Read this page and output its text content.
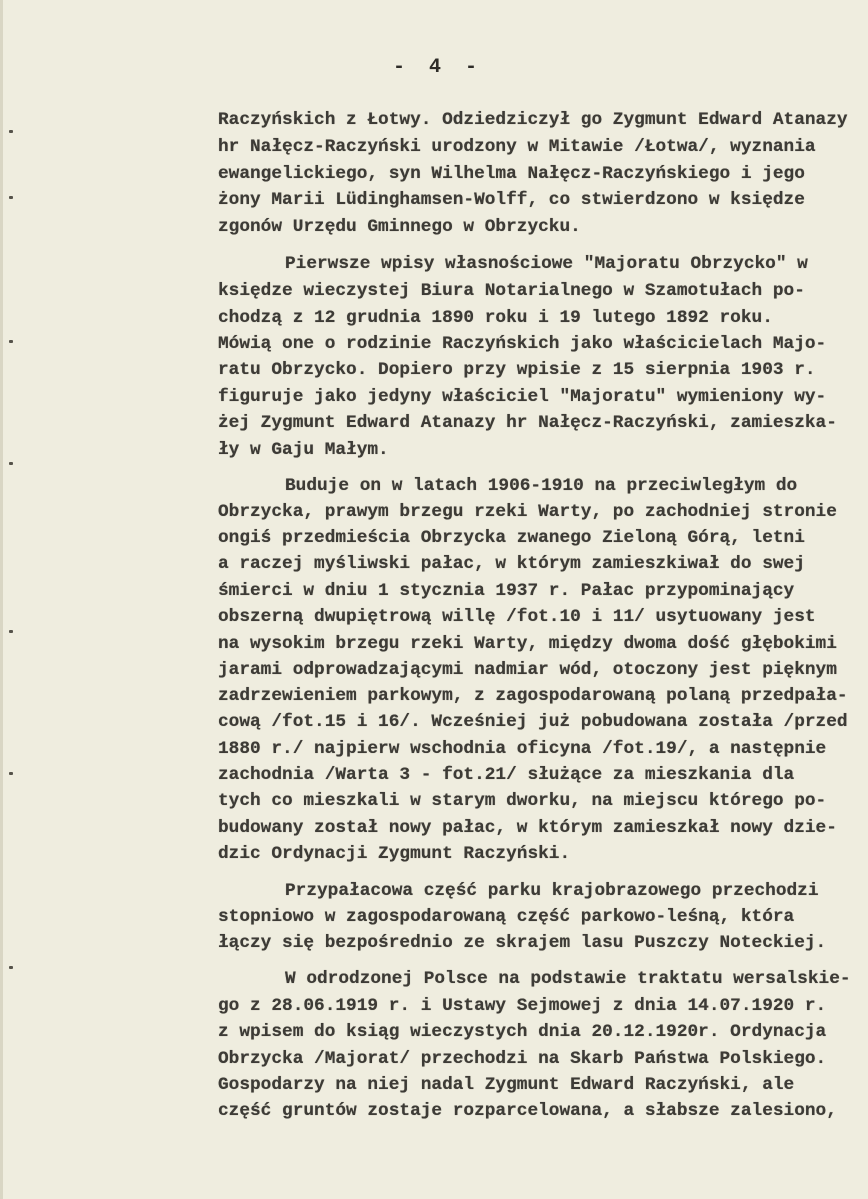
- 4 -
Raczyńskich z Łotwy. Odziedziczył go Zygmunt Edward Atanazy
hr Nałęcz-Raczyński urodzony w Mitawie /Łotwa/, wyznania
ewangelickiego, syn Wilhelma Nałęcz-Raczyńskiego i jego
żony Marii Lüdinghamsen-Wolff, co stwierdzono w księdze
zgonów Urzędu Gminnego w Obrzycku.
Pierwsze wpisy własnościowe "Majoratu Obrzycko" w
księdze wieczystej Biura Notarialnego w Szamotułach po-
chodzą z 12 grudnia 1890 roku i 19 lutego 1892 roku.
Mówią one o rodzinie Raczyńskich jako właścicielach Majo-
ratu Obrzycko. Dopiero przy wpisie z 15 sierpnia 1903 r.
figuruje jako jedyny właściciel "Majoratu" wymieniony wy-
żej Zygmunt Edward Atanazy hr Nałęcz-Raczyński, zamieszka-
ły w Gaju Małym.
Buduje on w latach 1906-1910 na przeciwległym do
Obrzycka, prawym brzegu rzeki Warty, po zachodniej stronie
ongiś przedmieścia Obrzycka zwanego Zieloną Górą, letni
a raczej myśliwski pałac, w którym zamieszkiwał do swej
śmierci w dniu 1 stycznia 1937 r. Pałac przypominający
obszerną dwupiętrową willę /fot.10 i 11/ usytuowany jest
na wysokim brzegu rzeki Warty, między dwoma dość głębokimi
jarami odprowadzającymi nadmiar wód, otoczony jest pięknym
zadrzewieniem parkowym, z zagospodarowaną polaną przedpała-
cową /fot.15 i 16/. Wcześniej już pobudowana została /przed
1880 r./ najpierw wschodnia oficyna /fot.19/, a następnie
zachodnia /Warta 3 - fot.21/ służące za mieszkania dla
tych co mieszkali w starym dworku, na miejscu którego po-
budowany został nowy pałac, w którym zamieszkał nowy dzie-
dzic Ordynacji Zygmunt Raczyński.
Przypałacowa część parku krajobrazowego przechodzi
stopniowo w zagospodarowaną część parkowo-leśną, która
łączy się bezpośrednio ze skrajem lasu Puszczy Noteckiej.
W odrodzonej Polsce na podstawie traktatu wersalskie-
go z 28.06.1919 r. i Ustawy Sejmowej z dnia 14.07.1920 r.
z wpisem do ksiąg wieczystych dnia 20.12.1920r. Ordynacja
Obrzycka /Majorat/ przechodzi na Skarb Państwa Polskiego.
Gospodarzy na niej nadal Zygmunt Edward Raczyński, ale
część gruntów zostaje rozparcelowana, a słabsze zalesiono,
